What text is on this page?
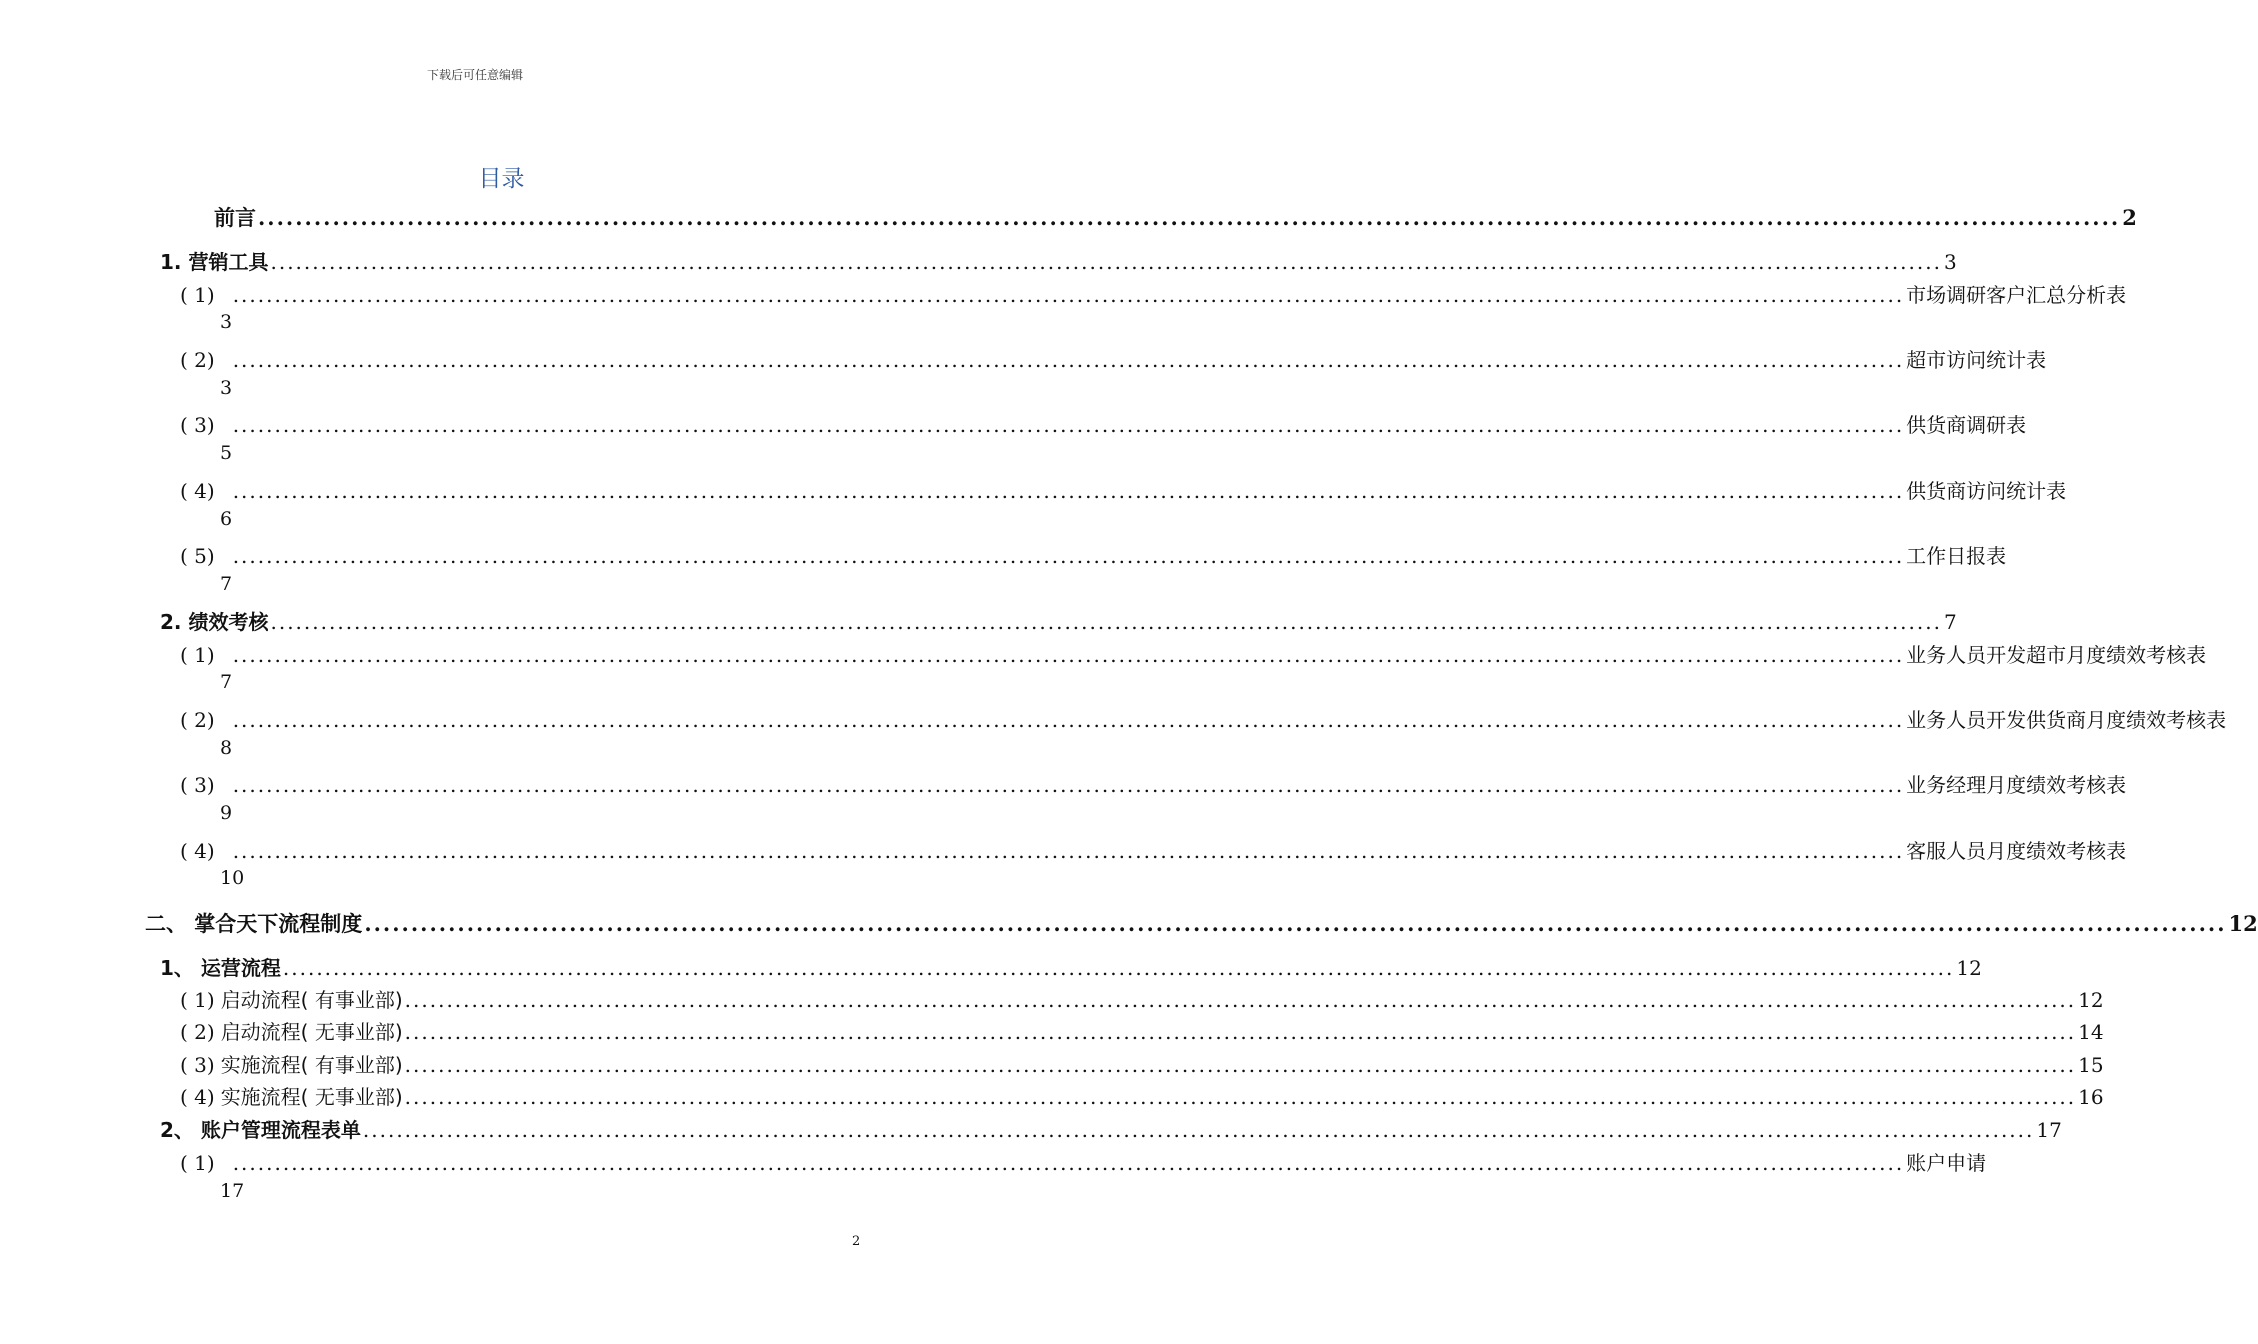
下载后可任意编辑
目录
前言 ........................................................................................................................................................................................................ 2
1. 营销工具 ........................................................................................................................................................................................................ 3
( 1) ........................................................................................................................................................................................................ 市场调研客户汇总分析表
3
( 2) ........................................................................................................................................................................................................ 超市访问统计表
3
( 3) ........................................................................................................................................................................................................ 供货商调研表
5
( 4) ........................................................................................................................................................................................................ 供货商访问统计表
6
( 5) ........................................................................................................................................................................................................ 工作日报表
7
2. 绩效考核 ........................................................................................................................................................................................................ 7
( 1) ........................................................................................................................................................................................................ 业务人员开发超市月度绩效考核表
7
( 2) ........................................................................................................................................................................................................ 业务人员开发供货商月度绩效考核表
8
( 3) ........................................................................................................................................................................................................ 业务经理月度绩效考核表
9
( 4) ........................................................................................................................................................................................................ 客服人员月度绩效考核表
10
二、 掌合天下流程制度 ........................................................................................................................................................................................................ 12
1、 运营流程 ........................................................................................................................................................................................................ 12
( 1) 启动流程( 有事业部) ........................................................................................................................................................................................................ 12
( 2) 启动流程( 无事业部) ........................................................................................................................................................................................................ 14
( 3) 实施流程( 有事业部) ........................................................................................................................................................................................................ 15
( 4) 实施流程( 无事业部) ........................................................................................................................................................................................................ 16
2、 账户管理流程表单 ........................................................................................................................................................................................................ 17
( 1) ........................................................................................................................................................................................................ 账户申请
17
2
